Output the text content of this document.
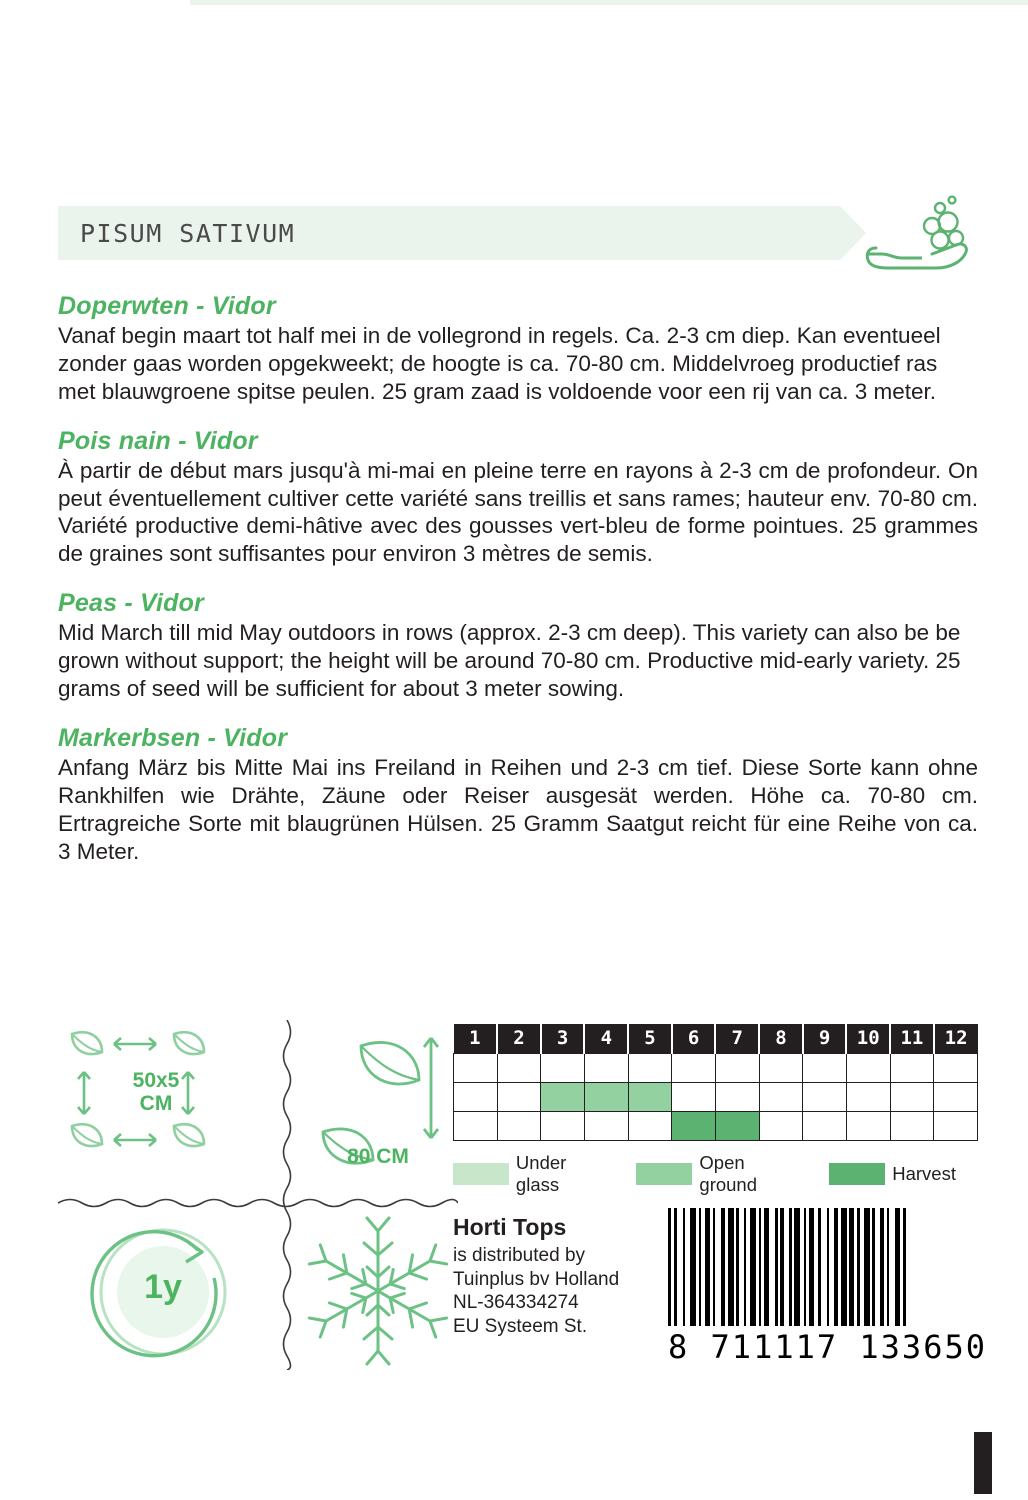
PISUM SATIVUM

Doperwten - Vidor

Vanaf begin maart tot half mei in de vollegrond in regels. Ca. 2-3 cm diep. Kan eventueel zonder gaas worden opgekweekt; de hoogte is ca. 70-80 cm. Middelvroeg productief ras met blauwgroene spitse peulen. 25 gram zaad is voldoende voor een rij van ca. 3 meter.

Pois nain - Vidor

À partir de début mars jusqu'à mi-mai en pleine terre en rayons à 2-3 cm de profondeur. On peut éventuellement cultiver cette variété sans treillis et sans rames; hauteur env. 70-80 cm. Variété productive demi-hâtive avec des gousses vert-bleu de forme pointues. 25 grammes de graines sont suffisantes pour environ 3 mètres de semis.

Peas - Vidor

Mid March till mid May outdoors in rows (approx. 2-3 cm deep). This variety can also be be grown without support; the height will be around 70-80 cm. Productive mid-early variety. 25 grams of seed will be sufficient for about 3 meter sowing.

Markerbsen - Vidor

Anfang März bis Mitte Mai ins Freiland in Reihen und 2-3 cm tief. Diese Sorte kann ohne Rankhilfen wie Drähte, Zäune oder Reiser ausgesät werden. Höhe ca. 70-80 cm. Ertragreiche Sorte mit blaugrünen Hülsen. 25 Gramm Saatgut reicht für eine Reihe von ca. 3 Meter.

50x5
CM
80 CM
1y
1	2	3	4	5	6	7	8	9	10	11	12

Under glass
Open ground
Harvest
Horti Tops
is distributed by
Tuinplus bv Holland
NL-364334274
EU Systeem St.
8 711117 133650
